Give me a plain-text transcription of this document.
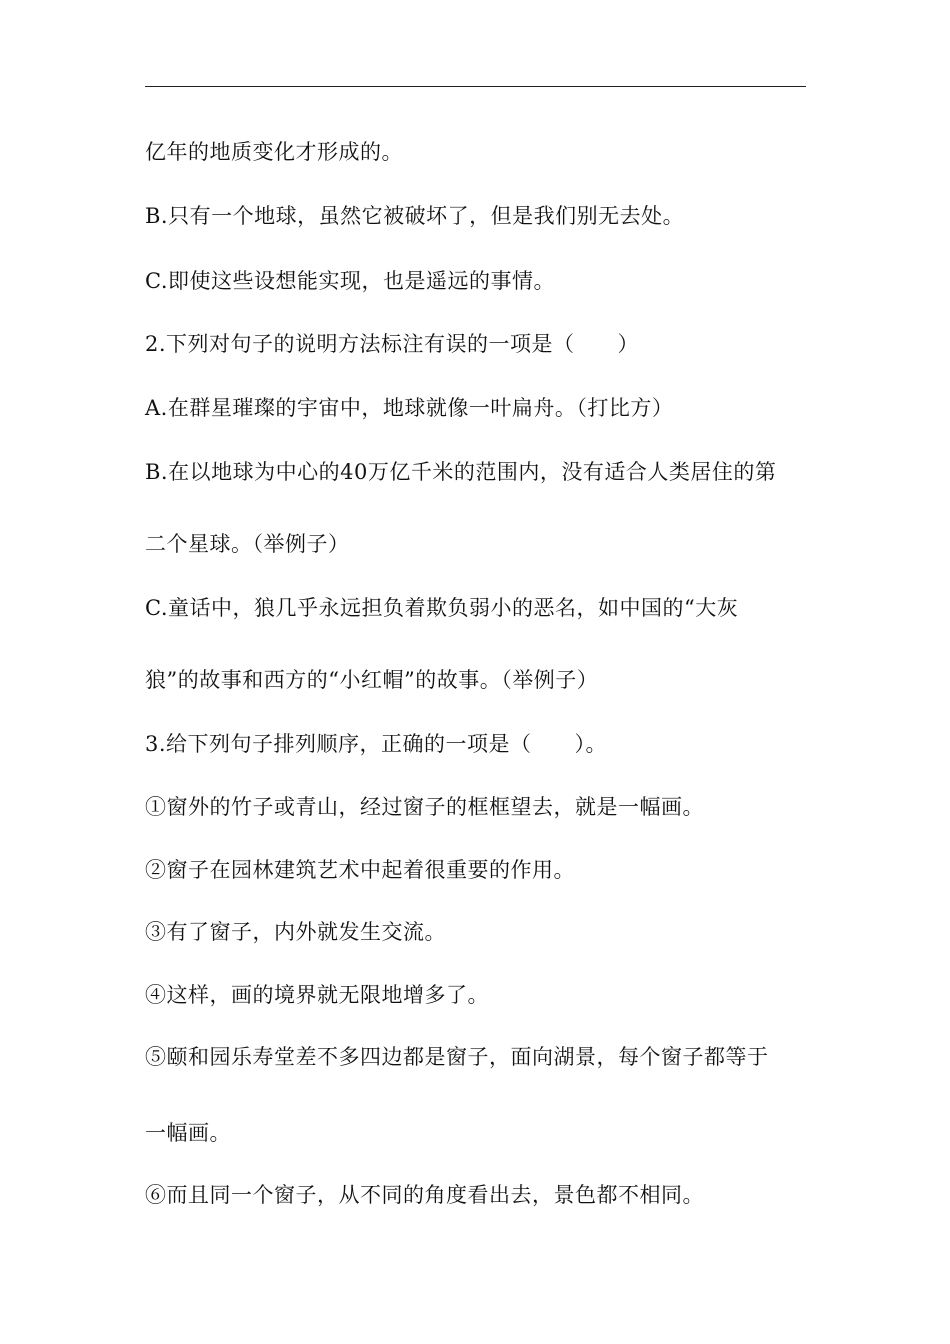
亿年的地质变化才形成的。
B.只有一个地球，虽然它被破坏了，但是我们别无去处。
C.即使这些设想能实现，也是遥远的事情。
2.下列对句子的说明方法标注有误的一项是（　　）
A.在群星璀璨的宇宙中，地球就像一叶扁舟。（打比方）
B.在以地球为中心的40万亿千米的范围内，没有适合人类居住的第
二个星球。（举例子）
C.童话中，狼几乎永远担负着欺负弱小的恶名，如中国的“大灰
狼”的故事和西方的“小红帽”的故事。（举例子）
3.给下列句子排列顺序，正确的一项是（　　）。
①窗外的竹子或青山，经过窗子的框框望去，就是一幅画。
②窗子在园林建筑艺术中起着很重要的作用。
③有了窗子，内外就发生交流。
④这样，画的境界就无限地增多了。
⑤颐和园乐寿堂差不多四边都是窗子，面向湖景，每个窗子都等于
一幅画。
⑥而且同一个窗子，从不同的角度看出去，景色都不相同。
